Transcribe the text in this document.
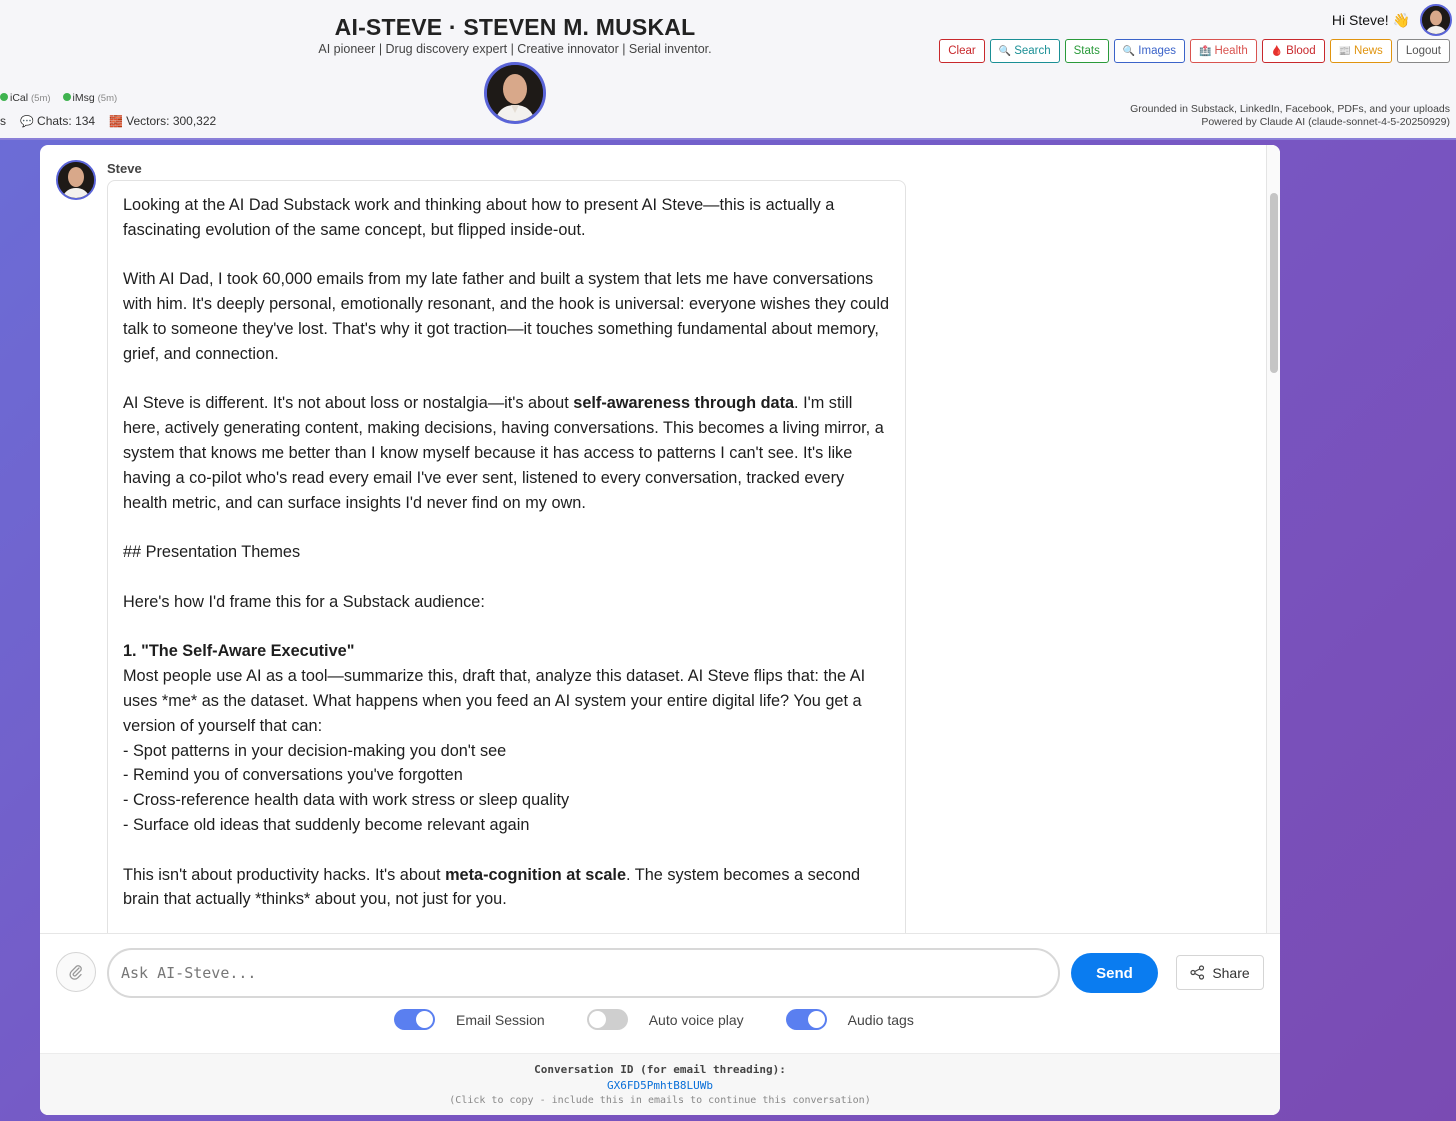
AI-STEVE · STEVEN M. MUSKAL
AI pioneer | Drug discovery expert | Creative innovator | Serial inventor.
Hi Steve! 👋
Clear 🔍 Search Stats 🔍 Images 🏥 Health 🩸 Blood 📰 News Logout
iCal (5m)	iMsg (5m)
s 💬 Chats: 134 🧱 Vectors: 300,322
Grounded in Substack, LinkedIn, Facebook, PDFs, and your uploads
Powered by Claude AI (claude-sonnet-4-5-20250929)
Steve

Looking at the AI Dad Substack work and thinking about how to present AI Steve—this is actually a fascinating evolution of the same concept, but flipped inside-out.

With AI Dad, I took 60,000 emails from my late father and built a system that lets me have conversations with him. It's deeply personal, emotionally resonant, and the hook is universal: everyone wishes they could talk to someone they've lost. That's why it got traction—it touches something fundamental about memory, grief, and connection.

AI Steve is different. It's not about loss or nostalgia—it's about self-awareness through data. I'm still here, actively generating content, making decisions, having conversations. This becomes a living mirror, a system that knows me better than I know myself because it has access to patterns I can't see. It's like having a co-pilot who's read every email I've ever sent, listened to every conversation, tracked every health metric, and can surface insights I'd never find on my own.

## Presentation Themes

Here's how I'd frame this for a Substack audience:

1. "The Self-Aware Executive"

Most people use AI as a tool—summarize this, draft that, analyze this dataset. AI Steve flips that: the AI uses *me* as the dataset. What happens when you feed an AI system your entire digital life? You get a version of yourself that can:

- Spot patterns in your decision-making you don't see

- Remind you of conversations you've forgotten

- Cross-reference health data with work stress or sleep quality

- Surface old ideas that suddenly become relevant again

This isn't about productivity hacks. It's about meta-cognition at scale. The system becomes a second brain that actually *thinks* about you, not just for you.

Ask AI-Steve...
Send	Share
Email Session	Auto voice play	Audio tags
Conversation ID (for email threading):
GX6FD5PmhtB8LUWb
(Click to copy - include this in emails to continue this conversation)
